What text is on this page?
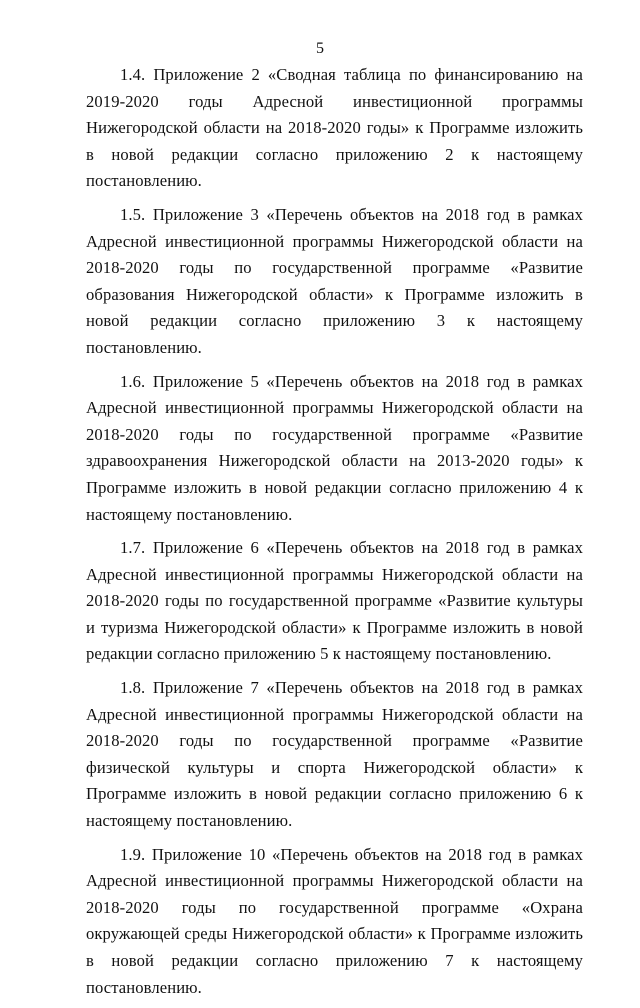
5

1.4. Приложение 2 «Сводная таблица по финансированию на 2019-2020 годы Адресной инвестиционной программы Нижегородской области на 2018-2020 годы» к Программе изложить в новой редакции согласно приложению 2 к настоящему постановлению.

1.5. Приложение 3 «Перечень объектов на 2018 год в рамках Адресной инвестиционной программы Нижегородской области на 2018-2020 годы по государственной программе «Развитие образования Нижегородской области» к Программе изложить в новой редакции согласно приложению 3 к настоящему постановлению.

1.6. Приложение 5 «Перечень объектов на 2018 год в рамках Адресной инвестиционной программы Нижегородской области на 2018-2020 годы по государственной программе «Развитие здравоохранения Нижегородской области на 2013-2020 годы» к Программе изложить в новой редакции согласно приложению 4 к настоящему постановлению.

1.7. Приложение 6 «Перечень объектов на 2018 год в рамках Адресной инвестиционной программы Нижегородской области на 2018-2020 годы по государственной программе «Развитие культуры и туризма Нижегородской области» к Программе изложить в новой редакции согласно приложению 5 к настоящему постановлению.

1.8. Приложение 7 «Перечень объектов на 2018 год в рамках Адресной инвестиционной программы Нижегородской области на 2018-2020 годы по государственной программе «Развитие физической культуры и спорта Нижегородской области» к Программе изложить в новой редакции согласно приложению 6 к настоящему постановлению.

1.9. Приложение 10 «Перечень объектов на 2018 год в рамках Адресной инвестиционной программы Нижегородской области на 2018-2020 годы по государственной программе «Охрана окружающей среды Нижегородской области» к Программе изложить в новой редакции согласно приложению 7 к настоящему постановлению.
